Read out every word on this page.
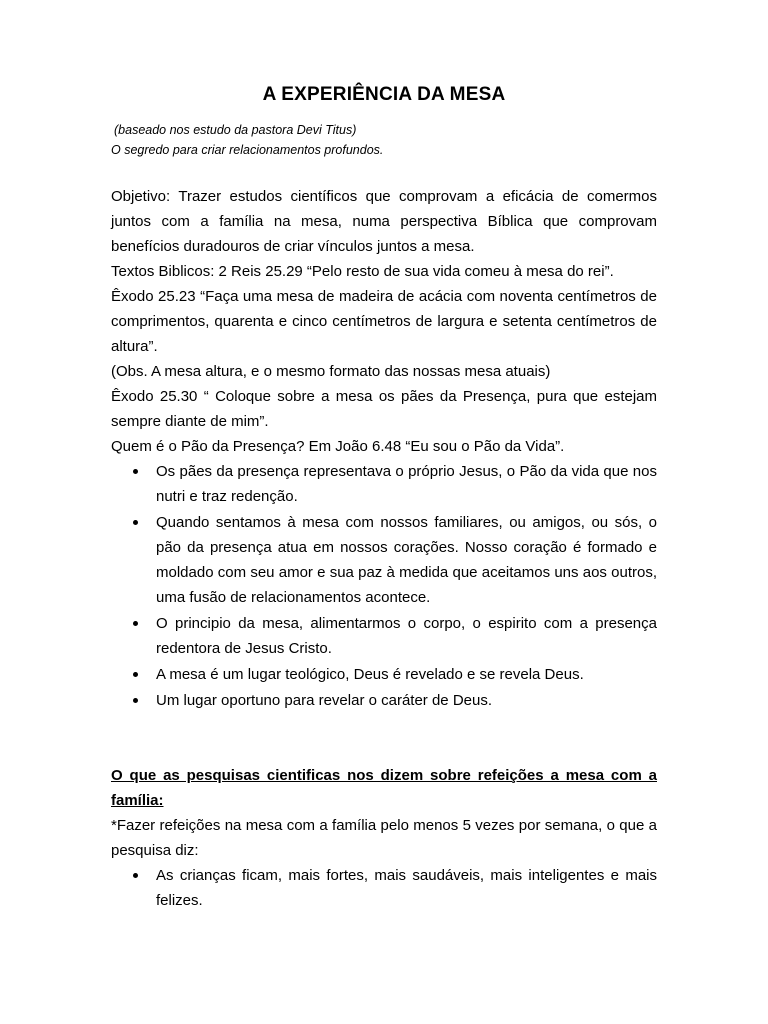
A EXPERIÊNCIA DA MESA

(baseado nos estudo da pastora Devi Titus)

O segredo para criar relacionamentos profundos.

Objetivo: Trazer estudos científicos que comprovam a eficácia de comermos juntos com a família na mesa, numa perspectiva Bíblica que comprovam benefícios duradouros de criar vínculos juntos a mesa.

Textos Biblicos: 2 Reis 25.29 “Pelo resto de sua vida comeu à mesa do rei”.

Êxodo 25.23 “Faça uma mesa de madeira de acácia com noventa centímetros de comprimentos, quarenta e cinco centímetros de largura e setenta centímetros de altura”.

(Obs. A mesa altura, e o mesmo formato das nossas mesa atuais)

Êxodo 25.30 “ Coloque sobre a mesa os pães da Presença, pura que estejam sempre diante de mim”.

Quem é o Pão da Presença? Em João 6.48 “Eu sou o Pão da Vida”.

Os pães da presença representava o próprio Jesus, o Pão da vida que nos nutri e traz redenção.
Quando sentamos à mesa com nossos familiares, ou amigos, ou sós, o pão da presença atua em nossos corações. Nosso coração é formado e moldado com seu amor e sua paz à medida que aceitamos uns aos outros, uma fusão de relacionamentos acontece.
O principio da mesa, alimentarmos o corpo, o espirito com a presença redentora de Jesus Cristo.
A mesa é um lugar teológico, Deus é revelado e se revela Deus.
Um lugar oportuno para revelar o caráter de Deus.

O que as pesquisas cientificas nos dizem sobre refeições a mesa com a família:

*Fazer refeições na mesa com a família pelo menos 5 vezes por semana, o que a pesquisa diz:

As crianças ficam, mais fortes, mais saudáveis, mais inteligentes e mais felizes.
